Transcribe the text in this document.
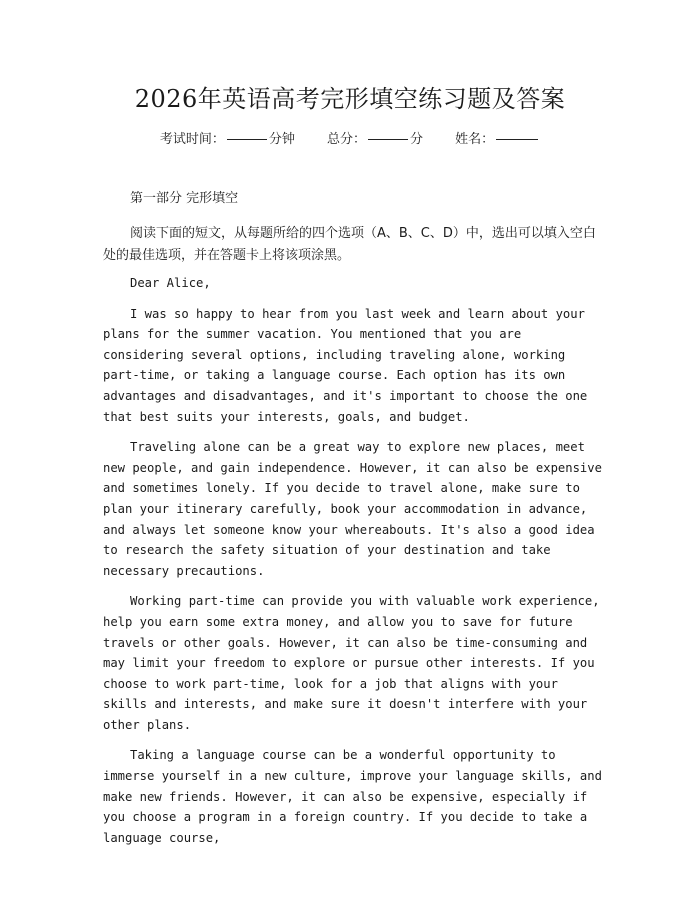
2026年英语高考完形填空练习题及答案
考试时间：	分钟 总分：	分 姓名：
第一部分 完形填空

阅读下面的短文，从每题所给的四个选项（A、B、C、D）中，选出可以填入空白处的最佳选项，并在答题卡上将该项涂黑。

Dear Alice,

I was so happy to hear from you last week and learn about your plans for the summer vacation. You mentioned that you are considering several options, including traveling alone, working part-time, or taking a language course. Each option has its own advantages and disadvantages, and it's important to choose the one that best suits your interests, goals, and budget.

Traveling alone can be a great way to explore new places, meet new people, and gain independence. However, it can also be expensive and sometimes lonely. If you decide to travel alone, make sure to plan your itinerary carefully, book your accommodation in advance, and always let someone know your whereabouts. It's also a good idea to research the safety situation of your destination and take necessary precautions.

Working part-time can provide you with valuable work experience, help you earn some extra money, and allow you to save for future travels or other goals. However, it can also be time-consuming and may limit your freedom to explore or pursue other interests. If you choose to work part-time, look for a job that aligns with your skills and interests, and make sure it doesn't interfere with your other plans.

Taking a language course can be a wonderful opportunity to immerse yourself in a new culture, improve your language skills, and make new friends. However, it can also be expensive, especially if you choose a program in a foreign country. If you decide to take a language course,
